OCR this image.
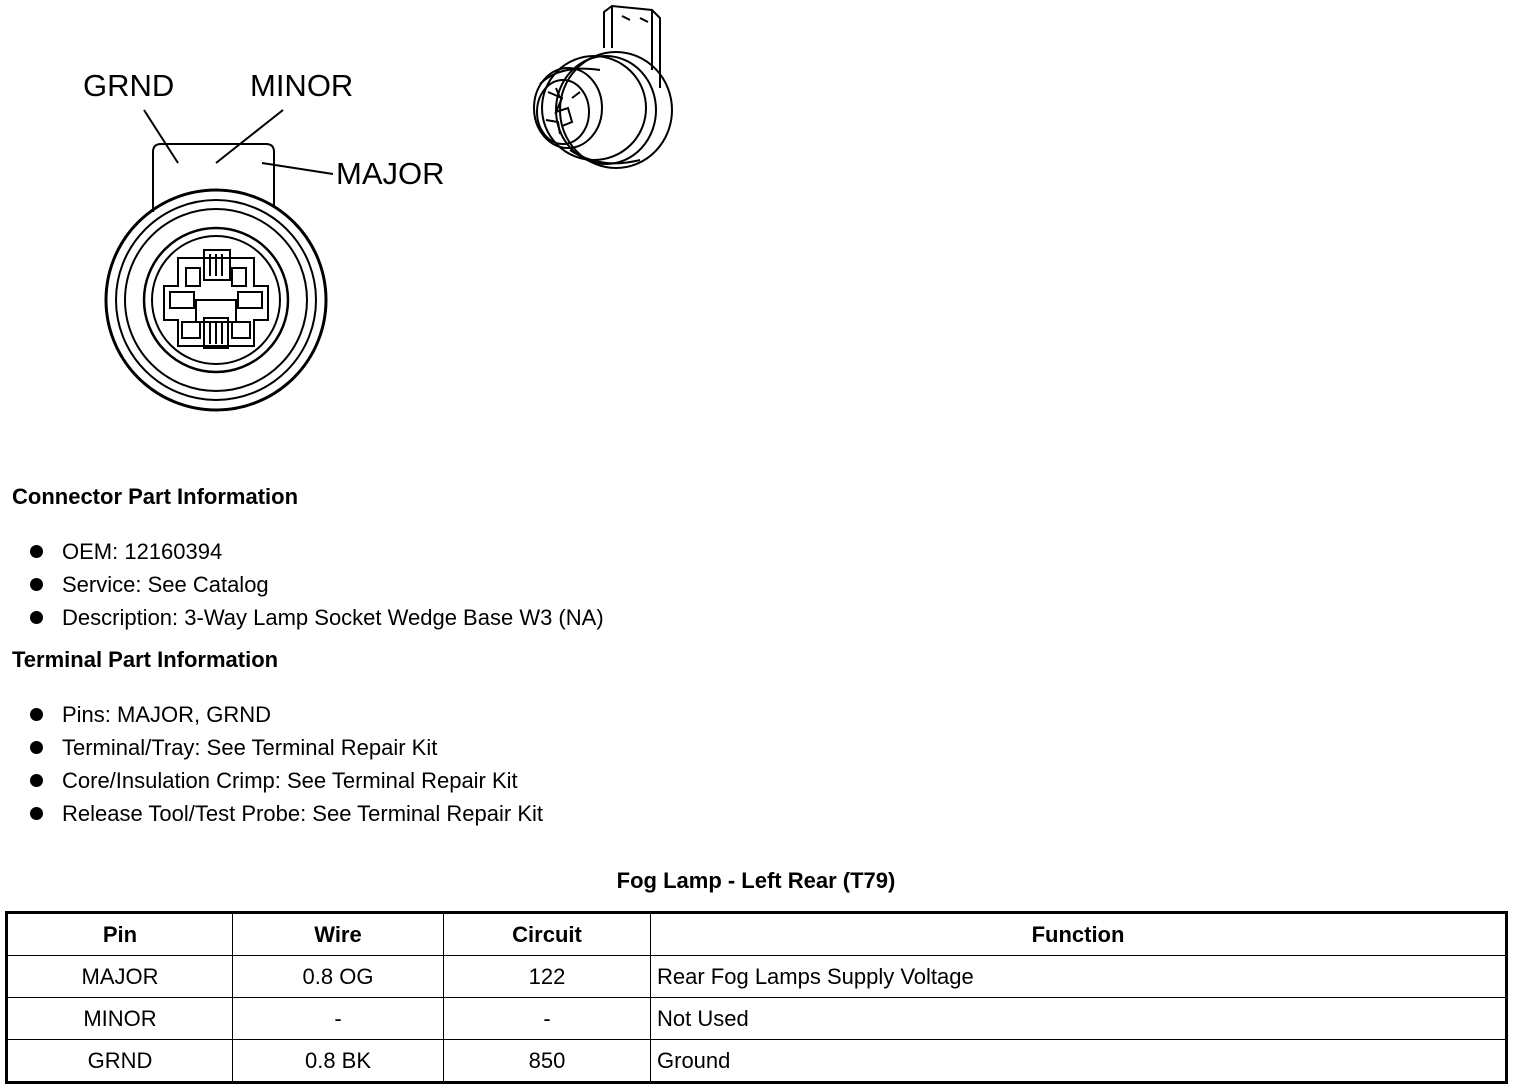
GRND MINOR
MAJOR
Connector Part Information
OEM: 12160394
Service: See Catalog
Description: 3-Way Lamp Socket Wedge Base W3 (NA)
Terminal Part Information
Pins: MAJOR, GRND
Terminal/Tray: See Terminal Repair Kit
Core/Insulation Crimp: See Terminal Repair Kit
Release Tool/Test Probe: See Terminal Repair Kit
Fog Lamp - Left Rear (T79)
Pin	Wire	Circuit	Function
MAJOR	0.8 OG	122	Rear Fog Lamps Supply Voltage
MINOR	-	-	Not Used
GRND	0.8 BK	850	Ground
